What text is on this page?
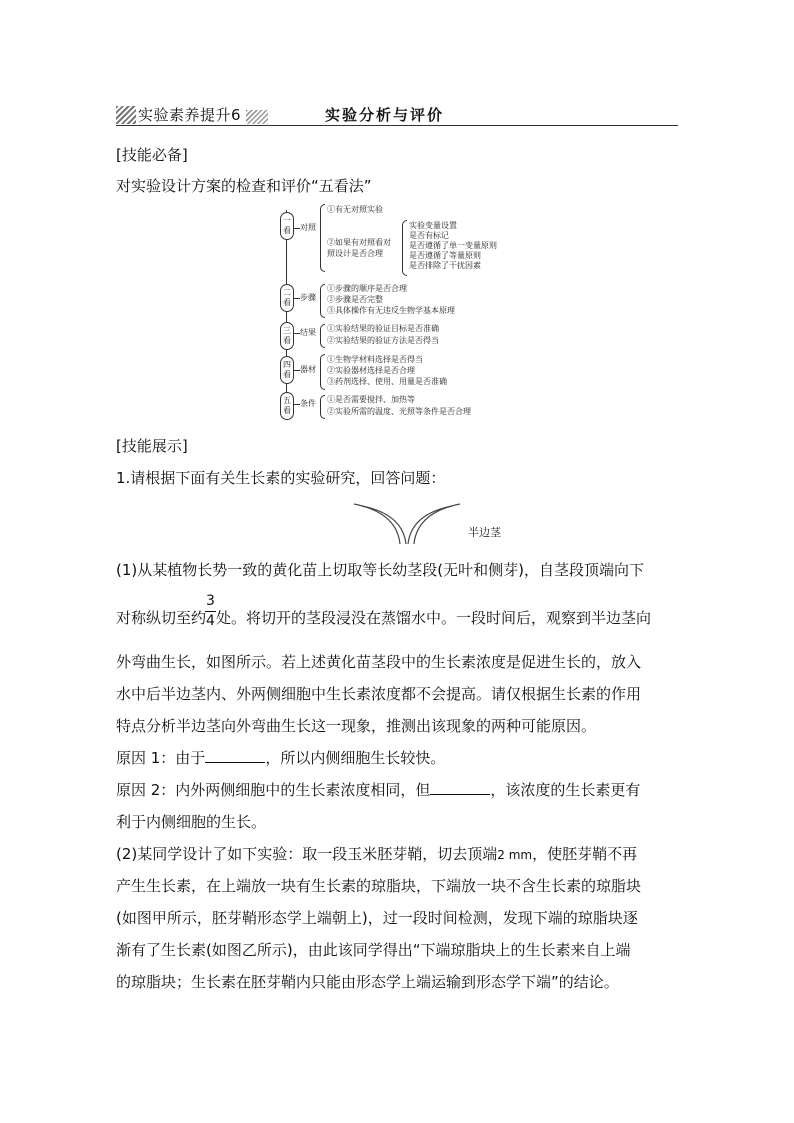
实验素养提升6	实验分析与评价
[技能必备]
对实验设计方案的检查和评价“五看法”
一看	对照
①有无对照实验
②如果有对照看对
照设计是否合理
实验变量设置
是否有标记
是否遵循了单一变量原则
是否遵循了等量原则
是否排除了干扰因素
二看
步骤
①步骤的顺序是否合理
②步骤是否完整
③具体操作有无违反生物学基本原理
三看
结果 ①实验结果的验证目标是否准确
②实验结果的验证方法是否得当
四看
器材
①生物学材料选择是否得当
②实验器材选择是否合理
③药剂选择、使用、用量是否准确
五看
条件 ①是否需要搅拌、加热等
②实验所需的温度、光照等条件是否合理
[技能展示]
1.请根据下面有关生长素的实验研究，回答问题：
半边茎
(1)从某植物长势一致的黄化苗上切取等长幼茎段(无叶和侧芽)，自茎段顶端向下
对称纵切至约 $\frac{3}{4}$ 处。将切开的茎段浸没在蒸馏水中。一段时间后，观察到半边茎向
外弯曲生长，如图所示。若上述黄化苗茎段中的生长素浓度是促进生长的，放入
水中后半边茎内、外两侧细胞中生长素浓度都不会提高。请仅根据生长素的作用
特点分析半边茎向外弯曲生长这一现象，推测出该现象的两种可能原因。
原因 1：由于	，所以内侧细胞生长较快。
原因 2：内外两侧细胞中的生长素浓度相同，但	，该浓度的生长素更有
利于内侧细胞的生长。
(2)某同学设计了如下实验：取一段玉米胚芽鞘，切去顶端2 mm，使胚芽鞘不再
产生生长素，在上端放一块有生长素的琼脂块，下端放一块不含生长素的琼脂块
(如图甲所示，胚芽鞘形态学上端朝上)，过一段时间检测，发现下端的琼脂块逐
渐有了生长素(如图乙所示)，由此该同学得出“下端琼脂块上的生长素来自上端
的琼脂块；生长素在胚芽鞘内只能由形态学上端运输到形态学下端”的结论。
